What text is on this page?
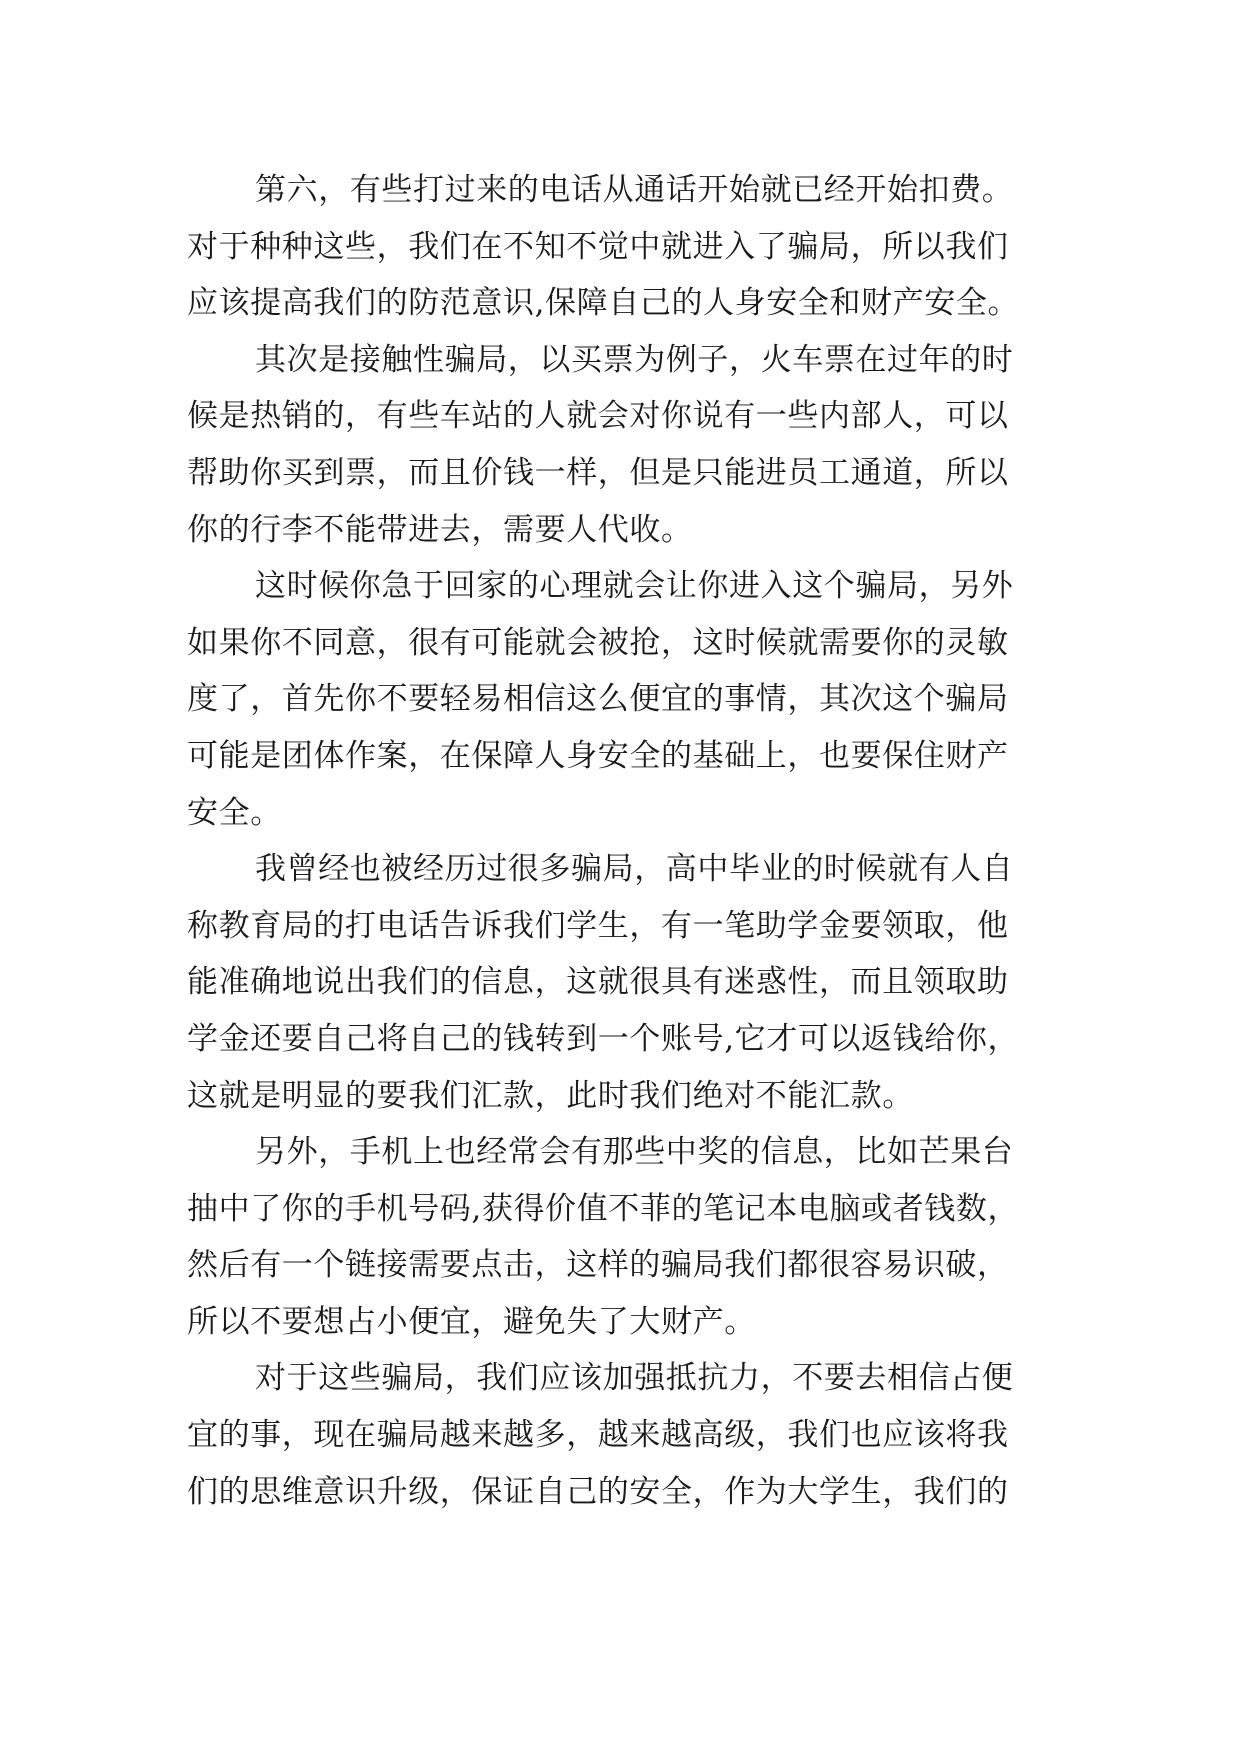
第六，有些打过来的电话从通话开始就已经开始扣费。
对于种种这些，我们在不知不觉中就进入了骗局，所以我们
应该提高我们的防范意识,保障自己的人身安全和财产安全。
其次是接触性骗局，以买票为例子，火车票在过年的时
候是热销的，有些车站的人就会对你说有一些内部人，可以
帮助你买到票，而且价钱一样，但是只能进员工通道，所以
你的行李不能带进去，需要人代收。
这时候你急于回家的心理就会让你进入这个骗局，另外
如果你不同意，很有可能就会被抢，这时候就需要你的灵敏
度了，首先你不要轻易相信这么便宜的事情，其次这个骗局
可能是团体作案，在保障人身安全的基础上，也要保住财产
安全。
我曾经也被经历过很多骗局，高中毕业的时候就有人自
称教育局的打电话告诉我们学生，有一笔助学金要领取，他
能准确地说出我们的信息，这就很具有迷惑性，而且领取助
学金还要自己将自己的钱转到一个账号,它才可以返钱给你，
这就是明显的要我们汇款，此时我们绝对不能汇款。
另外，手机上也经常会有那些中奖的信息，比如芒果台
抽中了你的手机号码,获得价值不菲的笔记本电脑或者钱数，
然后有一个链接需要点击，这样的骗局我们都很容易识破，
所以不要想占小便宜，避免失了大财产。
对于这些骗局，我们应该加强抵抗力，不要去相信占便
宜的事，现在骗局越来越多，越来越高级，我们也应该将我
们的思维意识升级，保证自己的安全，作为大学生，我们的
